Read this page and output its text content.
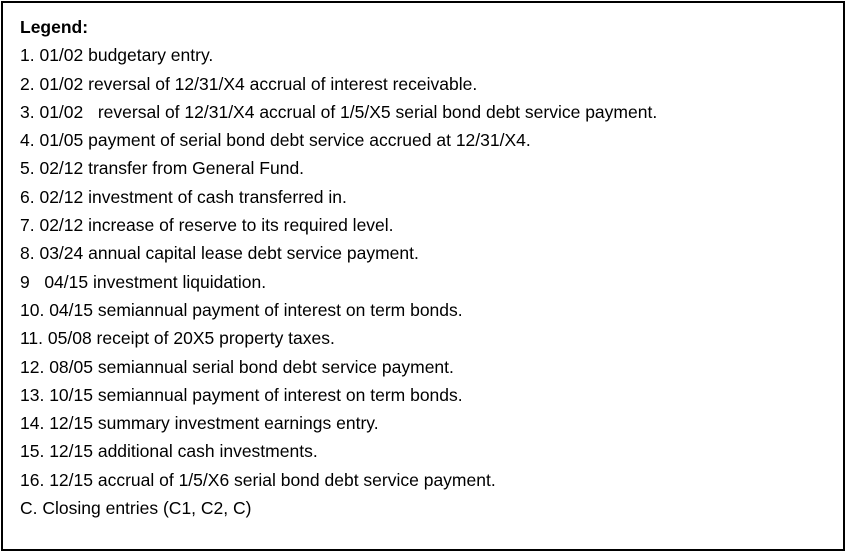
Legend:
1. 01/02 budgetary entry.
2. 01/02 reversal of 12/31/X4 accrual of interest receivable.
3. 01/02   reversal of 12/31/X4 accrual of 1/5/X5 serial bond debt service payment.
4. 01/05 payment of serial bond debt service accrued at 12/31/X4.
5. 02/12 transfer from General Fund.
6. 02/12 investment of cash transferred in.
7. 02/12 increase of reserve to its required level.
8. 03/24 annual capital lease debt service payment.
9   04/15 investment liquidation.
10. 04/15 semiannual payment of interest on term bonds.
11. 05/08 receipt of 20X5 property taxes.
12. 08/05 semiannual serial bond debt service payment.
13. 10/15 semiannual payment of interest on term bonds.
14. 12/15 summary investment earnings entry.
15. 12/15 additional cash investments.
16. 12/15 accrual of 1/5/X6 serial bond debt service payment.
C. Closing entries (C1, C2, C)
